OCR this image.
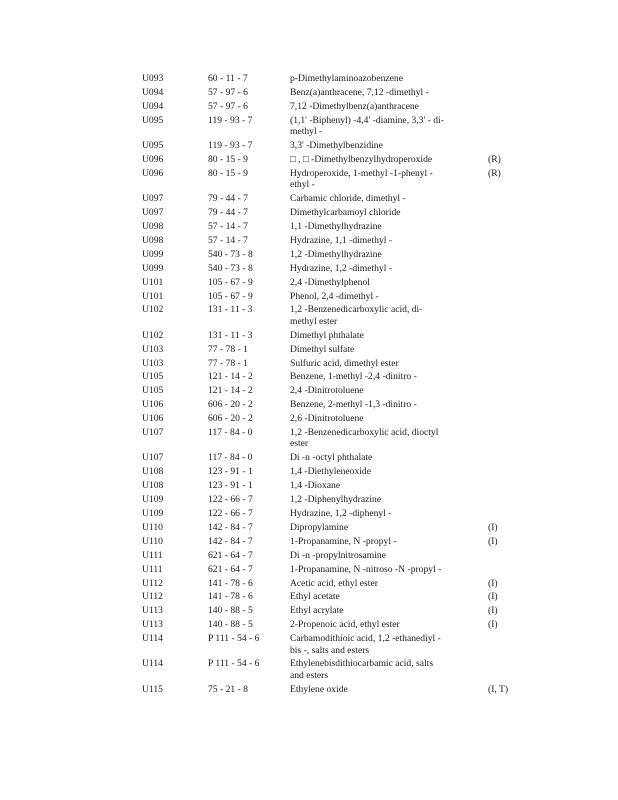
U093	60 - 11 - 7	p-Dimethylaminoazobenzene	

U094	57 - 97 - 6	Benz(a)anthracene, 7,12 -dimethyl -	

U094	57 - 97 - 6	7,12 -Dimethylbenz(a)anthracene	

U095	119 - 93 - 7	(1,1' -Biphenyl) -4,4' -diamine, 3,3' - di-
methyl -	

U095	119 - 93 - 7	3,3' -Dimethylbenzidine	

U096	80 - 15 - 9	□ , □ -Dimethylbenzylhydroperoxide	(R)
U096	80 - 15 - 9	Hydroperoxide, 1-methyl -1-phenyl -
ethyl -	(R)
U097	79 - 44 - 7	Carbamic chloride, dimethyl -	

U097	79 - 44 - 7	Dimethylcarbamoyl chloride	

U098	57 - 14 - 7	1,1 -Dimethylhydrazine	

U098	57 - 14 - 7	Hydrazine, 1,1 -dimethyl -	

U099	540 - 73 - 8	1,2 -Dimethylhydrazine	

U099	540 - 73 - 8	Hydrazine, 1,2 -dimethyl -	

U101	105 - 67 - 9	2,4 -Dimethylphenol	

U101	105 - 67 - 9	Phenol, 2,4 -dimethyl -	

U102	131 - 11 - 3	1,2 -Benzenedicarboxylic acid, di-
methyl ester	

U102	131 - 11 - 3	Dimethyl phthalate	

U103	77 - 78 - 1	Dimethyl sulfate	

U103	77 - 78 - 1	Sulfuric acid, dimethyl ester	

U105	121 - 14 - 2	Benzene, 1-methyl -2,4 -dinitro -	

U105	121 - 14 - 2	2,4 -Dinitrotoluene	

U106	606 - 20 - 2	Benzene, 2-methyl -1,3 -dinitro -	

U106	606 - 20 - 2	2,6 -Dinitrotoluene	

U107	117 - 84 - 0	1,2 -Benzenedicarboxylic acid, dioctyl
ester	

U107	117 - 84 - 0	Di -n -octyl phthalate	

U108	123 - 91 - 1	1,4 -Diethyleneoxide	

U108	123 - 91 - 1	1,4 -Dioxane	

U109	122 - 66 - 7	1,2 -Diphenylhydrazine	

U109	122 - 66 - 7	Hydrazine, 1,2 -diphenyl -	

U110	142 - 84 - 7	Dipropylamine	(I)
U110	142 - 84 - 7	1-Propanamine, N -propyl -	(I)
U111	621 - 64 - 7	Di -n -propylnitrosamine	

U111	621 - 64 - 7	1-Propanamine, N -nitroso -N -propyl -	

U112	141 - 78 - 6	Acetic acid, ethyl ester	(I)
U112	141 - 78 - 6	Ethyl acetate	(I)
U113	140 - 88 - 5	Ethyl acrylate	(I)
U113	140 - 88 - 5	2-Propenoic acid, ethyl ester	(I)
U114	P 111 - 54 - 6	Carbamodithioic acid, 1,2 -ethanediyl -
bis -, salts and esters	

U114	P 111 - 54 - 6	Ethylenebisdithiocarbamic acid, salts
and esters	

U115	75 - 21 - 8	Ethylene oxide	(I, T)
